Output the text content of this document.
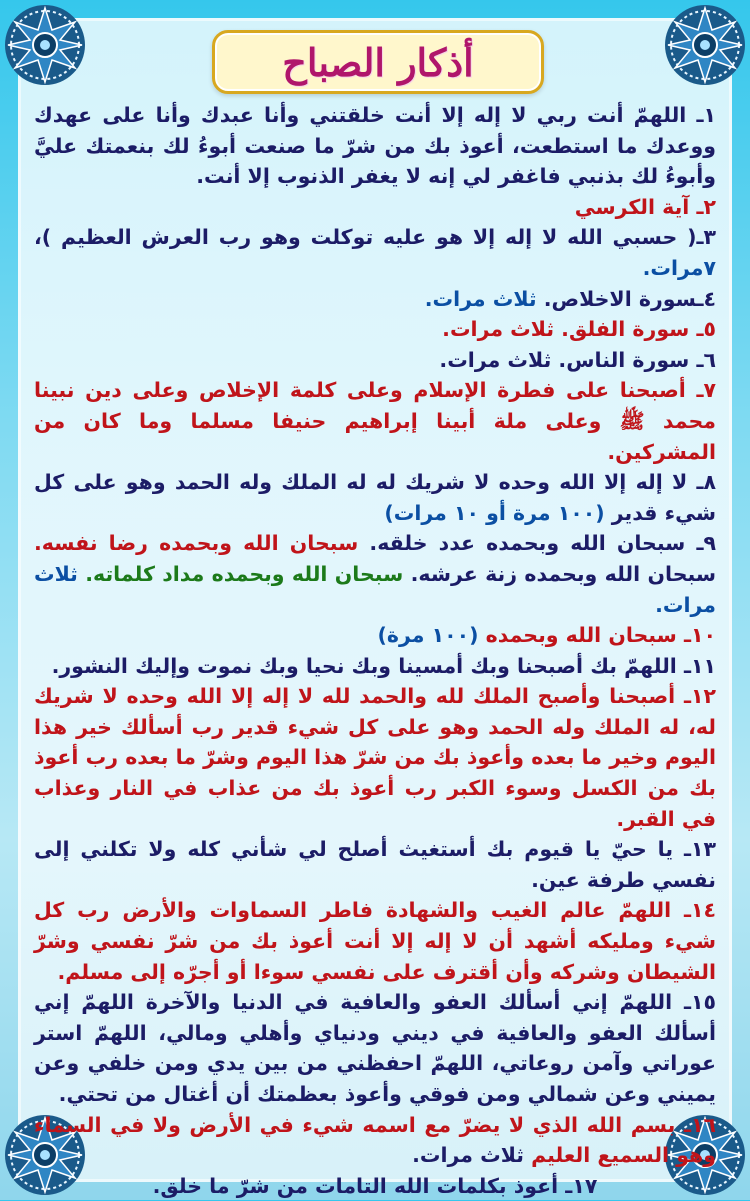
أذكار الصباح

١ـ اللهمّ أنت ربي لا إله إلا أنت خلقتني وأنا عبدك وأنا على عهدك ووعدك ما استطعت، أعوذ بك من شرّ ما صنعت أبوءُ لك بنعمتك عليَّ وأبوءُ لك بذنبي فاغفر لي إنه لا يغفر الذنوب إلا أنت.

٢ـ آية الكرسي

٣ـ( حسبي الله لا إله إلا هو عليه توكلت وهو رب العرش العظيم )، ٧مرات.

٤ـسورة الاخلاص. ثلاث مرات.

٥ـ سورة الفلق. ثلاث مرات.

٦ـ سورة الناس. ثلاث مرات.

٧ـ أصبحنا على فطرة الإسلام وعلى كلمة الإخلاص وعلى دين نبينا محمد ﷺ وعلى ملة أبينا إبراهيم حنيفا مسلما وما كان من المشركين.

٨ـ لا إله إلا الله وحده لا شريك له له الملك وله الحمد وهو على كل شيء قدير (١٠٠ مرة أو ١٠ مرات)

٩ـ سبحان الله وبحمده عدد خلقه. سبحان الله وبحمده رضا نفسه. سبحان الله وبحمده زنة عرشه. سبحان الله وبحمده مداد كلماته. ثلاث مرات.

١٠ـ سبحان الله وبحمده (١٠٠ مرة)

١١ـ اللهمّ بك أصبحنا وبك أمسينا وبك نحيا وبك نموت وإليك النشور.

١٢ـ أصبحنا وأصبح الملك لله والحمد لله لا إله إلا الله وحده لا شريك له، له الملك وله الحمد وهو على كل شيء قدير رب أسألك خير هذا اليوم وخير ما بعده وأعوذ بك من شرّ هذا اليوم وشرّ ما بعده رب أعوذ بك من الكسل وسوء الكبر رب أعوذ بك من عذاب في النار وعذاب في القبر.

١٣ـ يا حيّ يا قيوم بك أستغيث أصلح لي شأني كله ولا تكلني إلى نفسي طرفة عين.

١٤ـ اللهمّ عالم الغيب والشهادة فاطر السماوات والأرض رب كل شيء ومليكه أشهد أن لا إله إلا أنت أعوذ بك من شرّ نفسي وشرّ الشيطان وشركه وأن أقترف على نفسي سوءا أو أجرّه إلى مسلم.

١٥ـ اللهمّ إني أسألك العفو والعافية في الدنيا والآخرة اللهمّ إني أسألك العفو والعافية في ديني ودنياي وأهلي ومالي، اللهمّ استر عوراتي وآمن روعاتي، اللهمّ احفظني من بين يدي ومن خلفي وعن يميني وعن شمالي ومن فوقي وأعوذ بعظمتك أن أغتال من تحتي.

١٦ـ بسم الله الذي لا يضرّ مع اسمه شيء في الأرض ولا في السماء وهو السميع العليم ثلاث مرات.

١٧ـ أعوذ بكلمات الله التامات من شرّ ما خلق.
